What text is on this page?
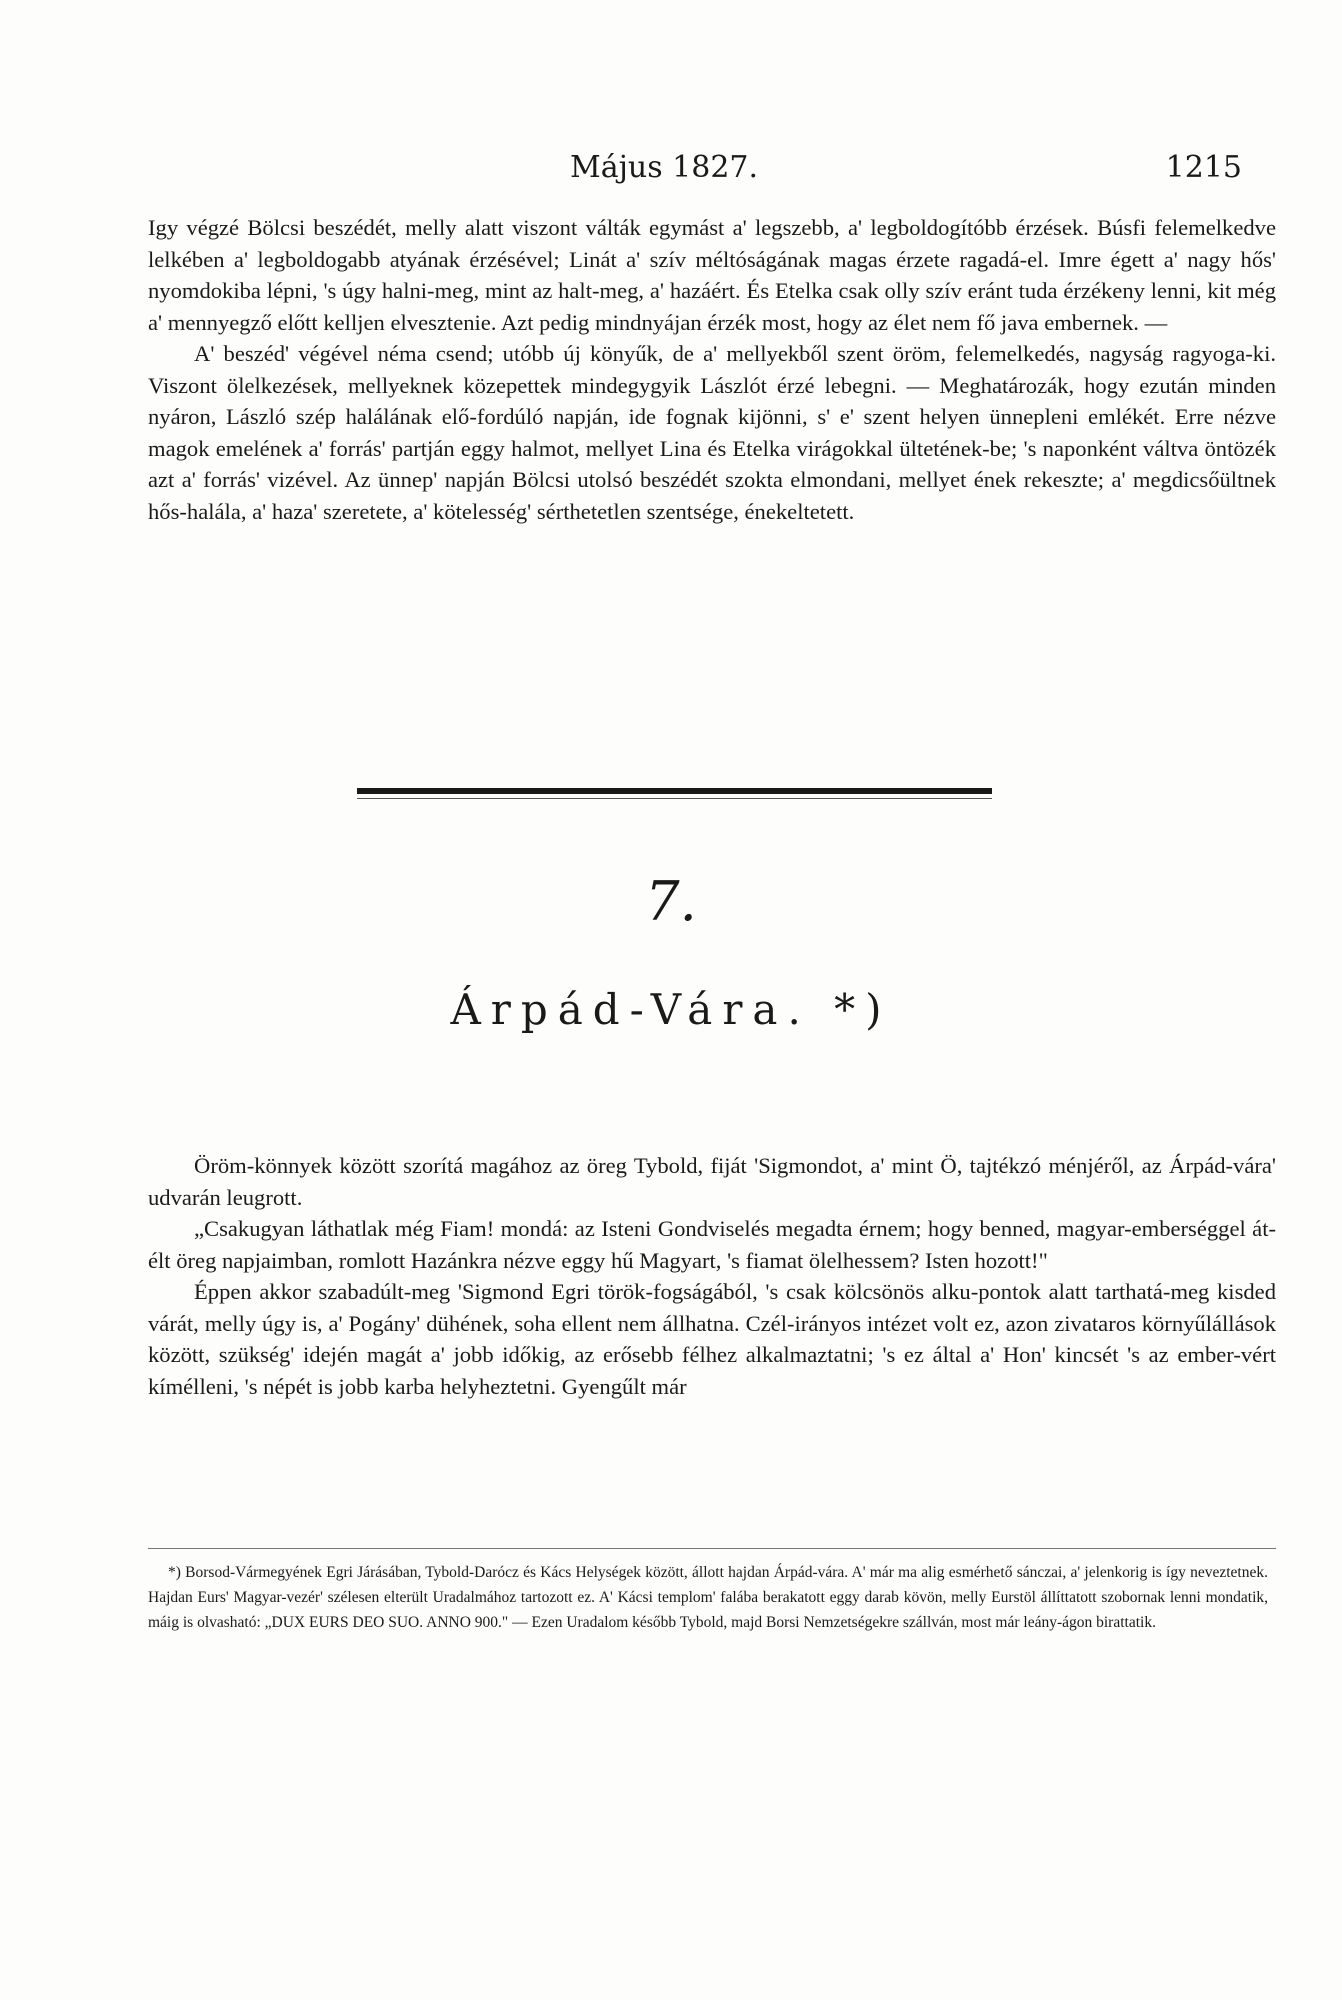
Május 1827.	1215

Igy végzé Bölcsi beszédét, melly alatt viszont válták egymást a' legszebb, a' legboldogítóbb érzések. Búsfi felemelkedve lelkében a' legboldogabb atyának érzésével; Linát a' szív méltóságának magas érzete ragadá-el. Imre égett a' nagy hős' nyomdokiba lépni, 's úgy halni-meg, mint az halt-meg, a' hazáért. És Etelka csak olly szív eránt tuda érzékeny lenni, kit még a' mennyegző előtt kelljen elvesztenie. Azt pedig mindnyájan érzék most, hogy az élet nem fő java embernek. —

A' beszéd' végével néma csend; utóbb új könyűk, de a' mellyekből szent öröm, felemelkedés, nagyság ragyoga-ki. Viszont ölelkezések, mellyeknek közepettek mindegygyik Lászlót érzé lebegni. — Meghatározák, hogy ezután minden nyáron, László szép halálának elő-fordúló napján, ide fognak kijönni, s' e' szent helyen ünnepleni emlékét. Erre nézve magok emelének a' forrás' partján eggy halmot, mellyet Lina és Etelka virágokkal ültetének-be; 's naponként váltva öntözék azt a' forrás' vizével. Az ünnep' napján Bölcsi utolsó beszédét szokta elmondani, mellyet ének rekeszte; a' megdicsőültnek hős-halála, a' haza' szeretete, a' kötelesség' sérthetetlen szentsége, énekeltetett.

7.
Árpád-Vára. *)

Öröm-könnyek között szorítá magához az öreg Tybold, fiját 'Sigmondot, a' mint Ö, tajtékzó ménjéről, az Árpád-vára' udvarán leugrott.

„Csakugyan láthatlak még Fiam! mondá: az Isteni Gondviselés megadta érnem; hogy benned, magyar-emberséggel át-élt öreg napjaimban, romlott Hazánkra nézve eggy hű Magyart, 's fiamat ölelhessem? Isten hozott!"

Éppen akkor szabadúlt-meg 'Sigmond Egri török-fogságából, 's csak kölcsönös alku-pontok alatt tarthatá-meg kisded várát, melly úgy is, a' Pogány' dühének, soha ellent nem állhatna. Czél-irányos intézet volt ez, azon zivataros környűlállások között, szükség' idején magát a' jobb időkig, az erősebb félhez alkalmaztatni; 's ez által a' Hon' kincsét 's az ember-vért kímélleni, 's népét is jobb karba helyheztetni. Gyengűlt már

*) Borsod-Vármegyének Egri Járásában, Tybold-Darócz és Kács Helységek között, állott hajdan Árpád-vára. A' már ma alig esmérhető sánczai, a' jelenkorig is így neveztetnek. Hajdan Eurs' Magyar-vezér' szélesen elterült Uradalmához tartozott ez. A' Kácsi templom' falába berakatott eggy darab kövön, melly Eurstöl állíttatott szobornak lenni mondatik, máig is olvasható: „DUX EURS DEO SUO. ANNO 900." — Ezen Uradalom később Tybold, majd Borsi Nemzetségekre szállván, most már leány-ágon birattatik.
